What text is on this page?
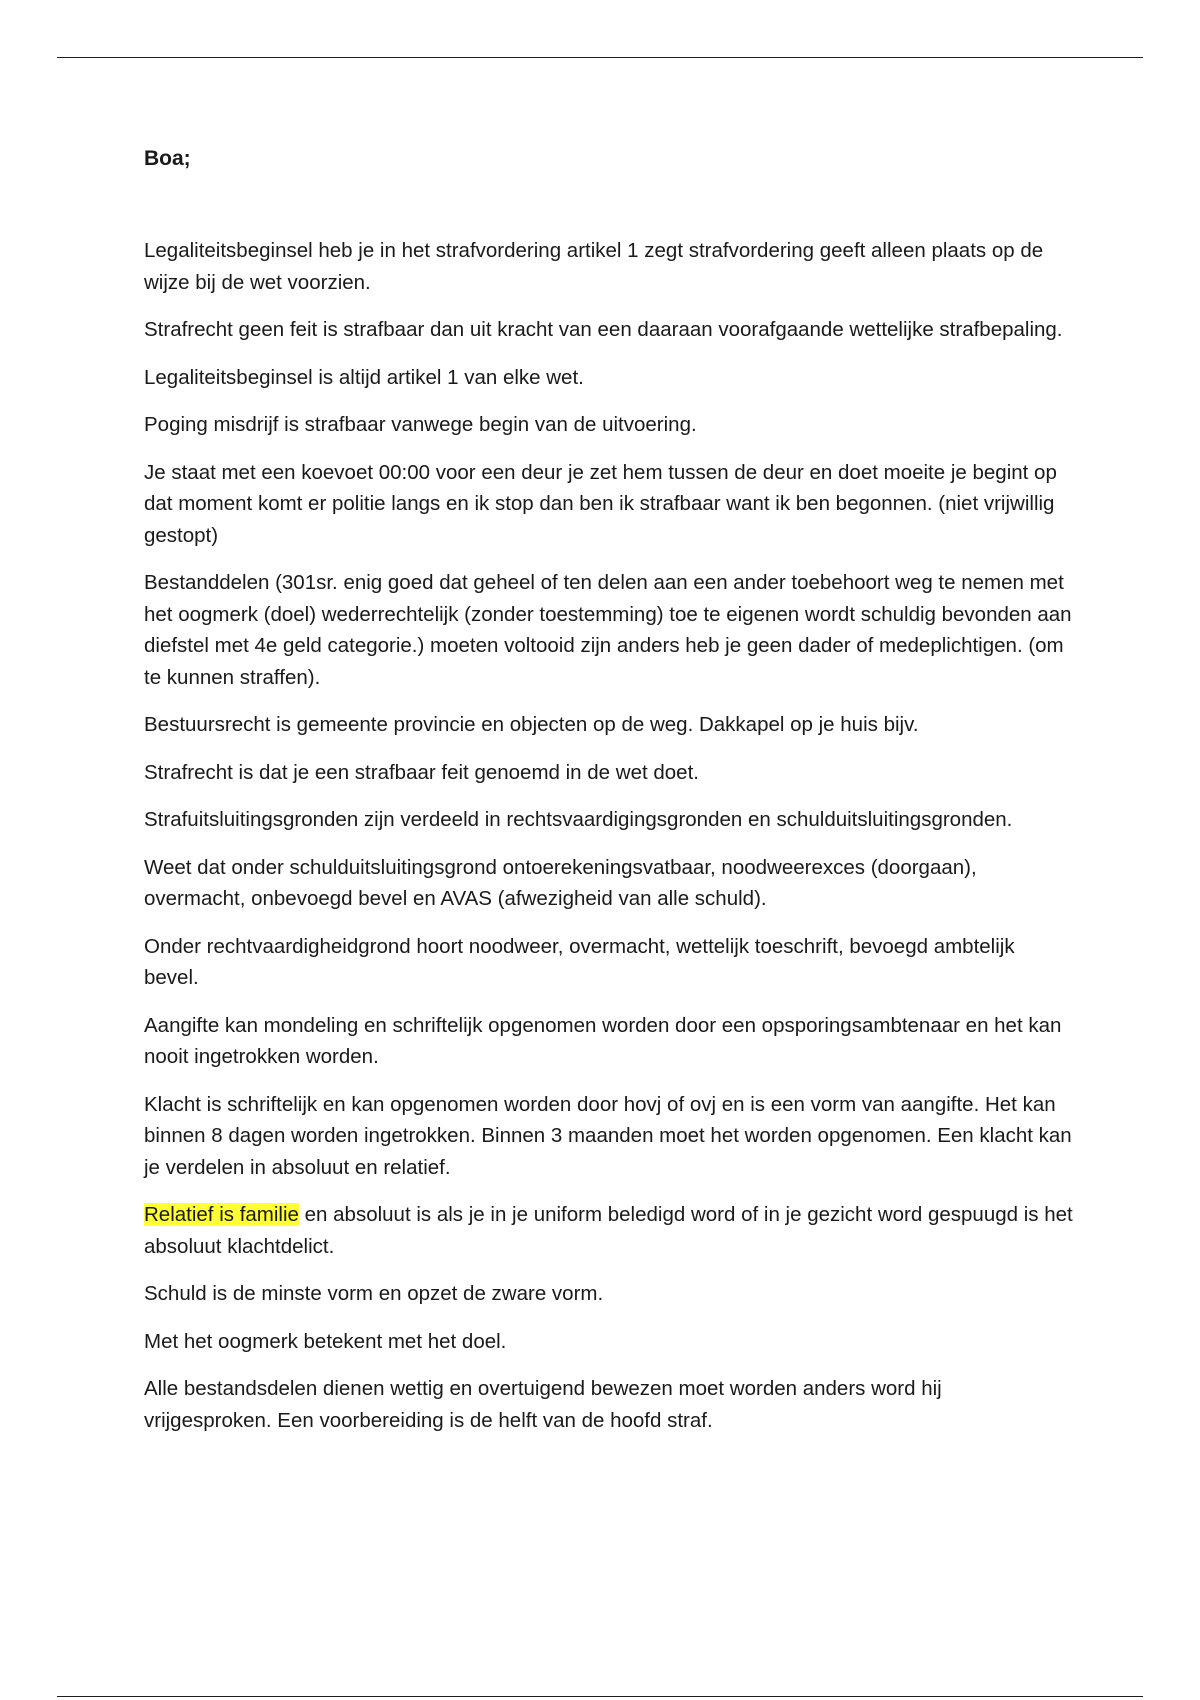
Boa;

Legaliteitsbeginsel heb je in het strafvordering artikel 1 zegt strafvordering geeft alleen plaats op de wijze bij de wet voorzien.

Strafrecht geen feit is strafbaar dan uit kracht van een daaraan voorafgaande wettelijke strafbepaling.

Legaliteitsbeginsel is altijd artikel 1 van elke wet.

Poging misdrijf is strafbaar vanwege begin van de uitvoering.

Je staat met een koevoet 00:00 voor een deur je zet hem tussen de deur en doet moeite je begint op dat moment komt er politie langs en ik stop dan ben ik strafbaar want ik ben begonnen. (niet vrijwillig gestopt)

Bestanddelen (301sr. enig goed dat geheel of ten delen aan een ander toebehoort weg te nemen met het oogmerk (doel) wederrechtelijk (zonder toestemming) toe te eigenen wordt schuldig bevonden aan diefstel met 4e geld categorie.) moeten voltooid zijn anders heb je geen dader of medeplichtigen. (om te kunnen straffen).

Bestuursrecht is gemeente provincie en objecten op de weg. Dakkapel op je huis bijv.

Strafrecht is dat je een strafbaar feit genoemd in de wet doet.

Strafuitsluitingsgronden zijn verdeeld in rechtsvaardigingsgronden en schulduitsluitingsgronden.

Weet dat onder schulduitsluitingsgrond ontoerekeningsvatbaar, noodweerexces (doorgaan), overmacht, onbevoegd bevel en AVAS (afwezigheid van alle schuld).

Onder rechtvaardigheidgrond hoort noodweer, overmacht, wettelijk toeschrift, bevoegd ambtelijk bevel.

Aangifte kan mondeling en schriftelijk opgenomen worden door een opsporingsambtenaar en het kan nooit ingetrokken worden.

Klacht is schriftelijk en kan opgenomen worden door hovj of ovj en is een vorm van aangifte. Het kan binnen 8 dagen worden ingetrokken. Binnen 3 maanden moet het worden opgenomen. Een klacht kan je verdelen in absoluut en relatief.

Relatief is familie en absoluut is als je in je uniform beledigd word of in je gezicht word gespuugd is het absoluut klachtdelict.

Schuld is de minste vorm en opzet de zware vorm.

Met het oogmerk betekent met het doel.

Alle bestandsdelen dienen wettig en overtuigend bewezen moet worden anders word hij vrijgesproken. Een voorbereiding is de helft van de hoofd straf.
